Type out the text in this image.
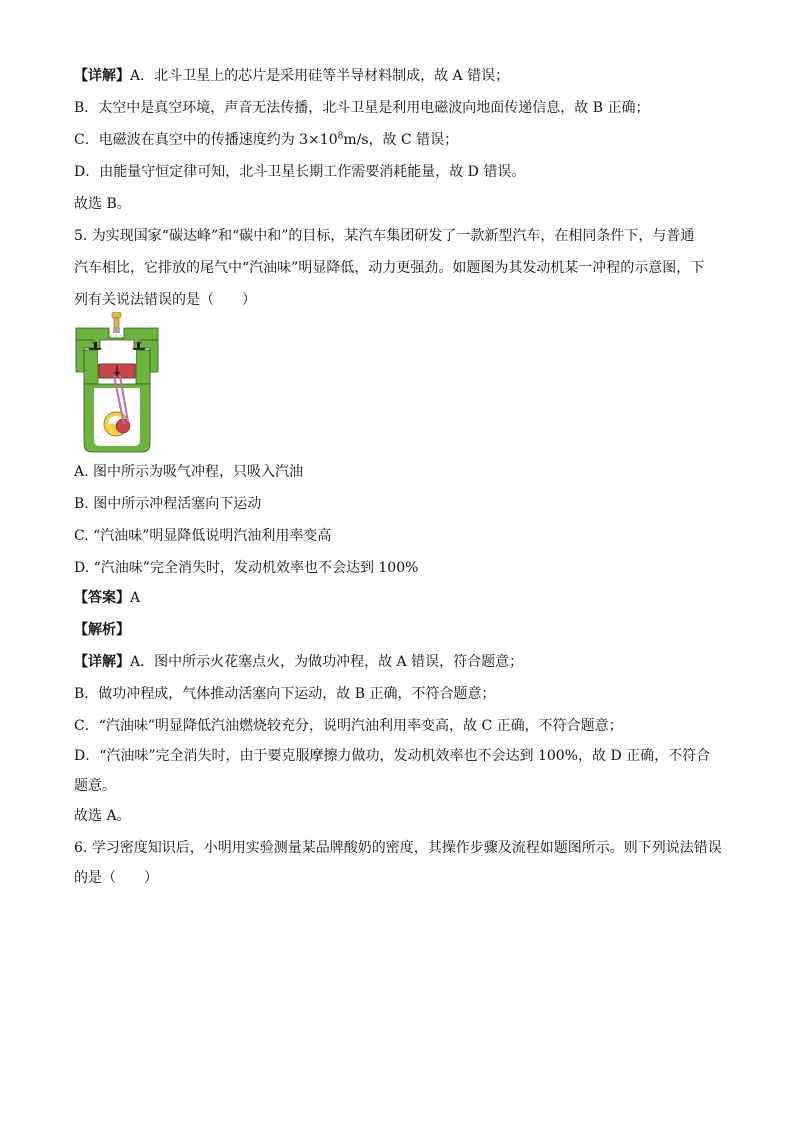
【详解】A．北斗卫星上的芯片是采用硅等半导材料制成，故 A 错误；
B．太空中是真空环境，声音无法传播，北斗卫星是利用电磁波向地面传递信息，故 B 正确；
C．电磁波在真空中的传播速度约为 $3\times 10^8m/s$，故 C 错误；
D．由能量守恒定律可知，北斗卫星长期工作需要消耗能量，故 D 错误。
故选 B。
5. 为实现国家“碳达峰”和“碳中和”的目标，某汽车集团研发了一款新型汽车，在相同条件下，与普通
汽车相比，它排放的尾气中“汽油味”明显降低，动力更强劲。如题图为其发动机某一冲程的示意图，下
列有关说法错误的是（　　）
A. 图中所示为吸气冲程，只吸入汽油
B. 图中所示冲程活塞向下运动
C. “汽油味”明显降低说明汽油利用率变高
D. “汽油味”完全消失时，发动机效率也不会达到 100%
【答案】A
【解析】
【详解】A．图中所示火花塞点火，为做功冲程，故 A 错误，符合题意；
B．做功冲程成，气体推动活塞向下运动，故 B 正确，不符合题意；
C．“汽油味”明显降低汽油燃烧较充分，说明汽油利用率变高，故 C 正确，不符合题意；
D．“汽油味”完全消失时，由于要克服摩擦力做功，发动机效率也不会达到 100%，故 D 正确，不符合
题意。
故选 A。
6. 学习密度知识后，小明用实验测量某品牌酸奶的密度，其操作步骤及流程如题图所示。则下列说法错误
的是（　　）
